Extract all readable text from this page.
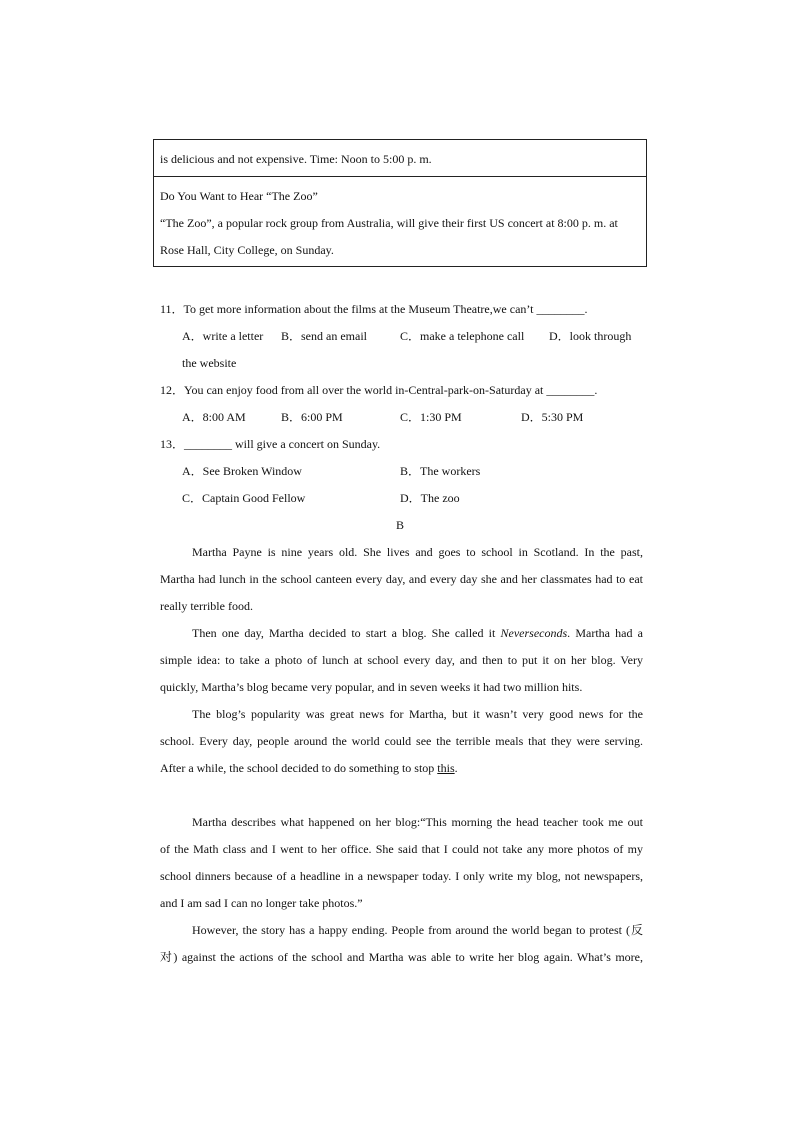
is delicious and not expensive. Time: Noon to 5:00 p. m.
Do You Want to Hear “The Zoo”
“The Zoo”, a popular rock group from Australia, will give their first US concert at 8:00 p. m. at
Rose Hall, City College, on Sunday.
11．To get more information about the films at the Museum Theatre,we can’t ________.
A．write a letter B．send an email	C．make a telephone call D．look through
the website
12．You can enjoy food from all over the world in-Central-park-on-Saturday at ________.
A．8:00 AM	B．6:00 PM	C．1:30 PM	D．5:30 PM
13．________ will give a concert on Sunday.
A．See Broken Window	B．The workers
C．Captain Good Fellow	D．The zoo
B
Martha Payne is nine years old. She lives and goes to school in Scotland. In the past,
Martha had lunch in the school canteen every day, and every day she and her classmates had to eat
really terrible food.
Then one day, Martha decided to start a blog. She called it Neverseconds. Martha had a
simple idea: to take a photo of lunch at school every day, and then to put it on her blog. Very
quickly, Martha’s blog became very popular, and in seven weeks it had two million hits.
The blog’s popularity was great news for Martha, but it wasn’t very good news for the
school. Every day, people around the world could see the terrible meals that they were serving.
After a while, the school decided to do something to stop this.
Martha describes what happened on her blog:“This morning the head teacher took me out
of the Math class and I went to her office. She said that I could not take any more photos of my
school dinners because of a headline in a newspaper today. I only write my blog, not newspapers,
and I am sad I can no longer take photos.”
However, the story has a happy ending. People from around the world began to protest (反
对) against the actions of the school and Martha was able to write her blog again. What’s more,
